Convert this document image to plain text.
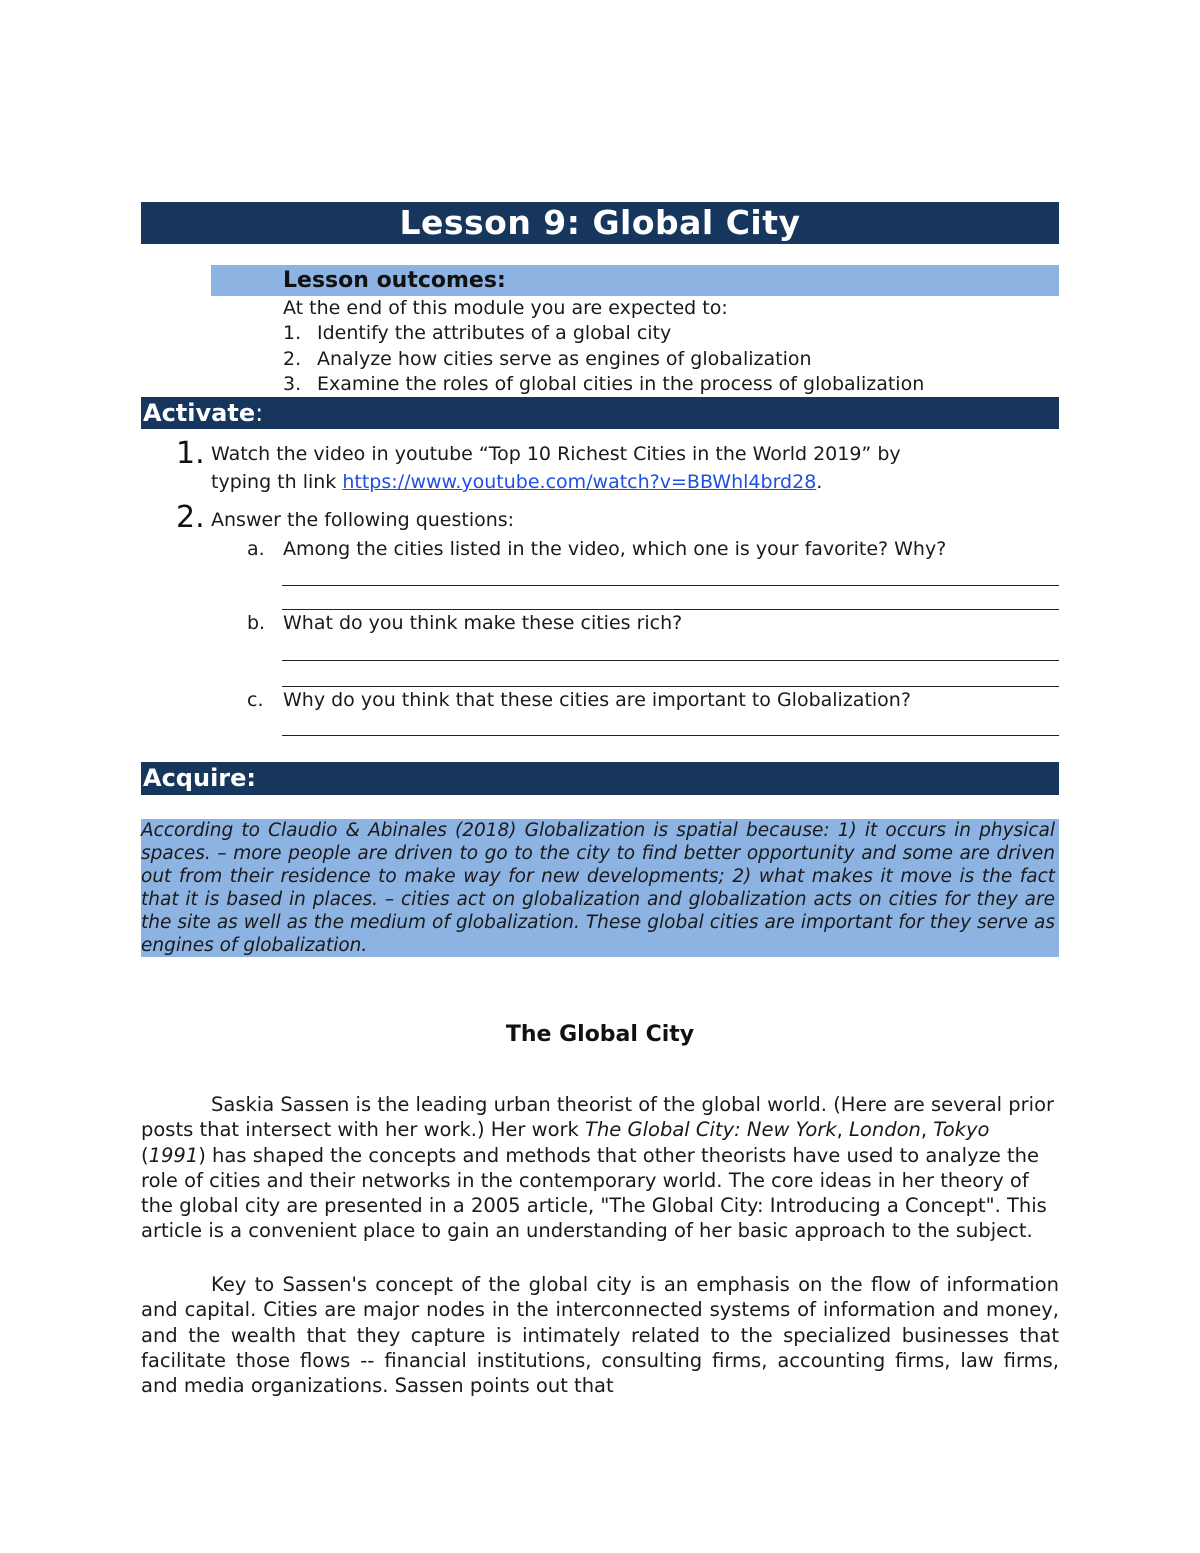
Lesson 9: Global City
Lesson outcomes:
At the end of this module you are expected to:
1. Identify the attributes of a global city
2. Analyze how cities serve as engines of globalization
3. Examine the roles of global cities in the process of globalization
Activate:
1. Watch the video in youtube “Top 10 Richest Cities in the World 2019” by
typing th link https://www.youtube.com/watch?v=BBWhl4brd28.
2. Answer the following questions:
a. Among the cities listed in the video, which one is your favorite? Why?
b. What do you think make these cities rich?
c. Why do you think that these cities are important to Globalization?
Acquire:

According to Claudio & Abinales (2018) Globalization is spatial because: 1) it occurs in physical spaces. – more people are driven to go to the city to find better opportunity and some are driven out from their residence to make way for new developments; 2) what makes it move is the fact that it is based in places. – cities act on globalization and globalization acts on cities for they are the site as well as the medium of globalization. These global cities are important for they serve as engines of globalization.

The Global City

Saskia Sassen is the leading urban theorist of the global world. (Here are several prior posts that intersect with her work.) Her work The Global City: New York, London, Tokyo (1991) has shaped the concepts and methods that other theorists have used to analyze the role of cities and their networks in the contemporary world. The core ideas in her theory of the global city are presented in a 2005 article, "The Global City: Introducing a Concept". This article is a convenient place to gain an understanding of her basic approach to the subject.

Key to Sassen's concept of the global city is an emphasis on the flow of information and capital. Cities are major nodes in the interconnected systems of information and money, and the wealth that they capture is intimately related to the specialized businesses that facilitate those flows -- financial institutions, consulting firms, accounting firms, law firms, and media organizations. Sassen points out that
